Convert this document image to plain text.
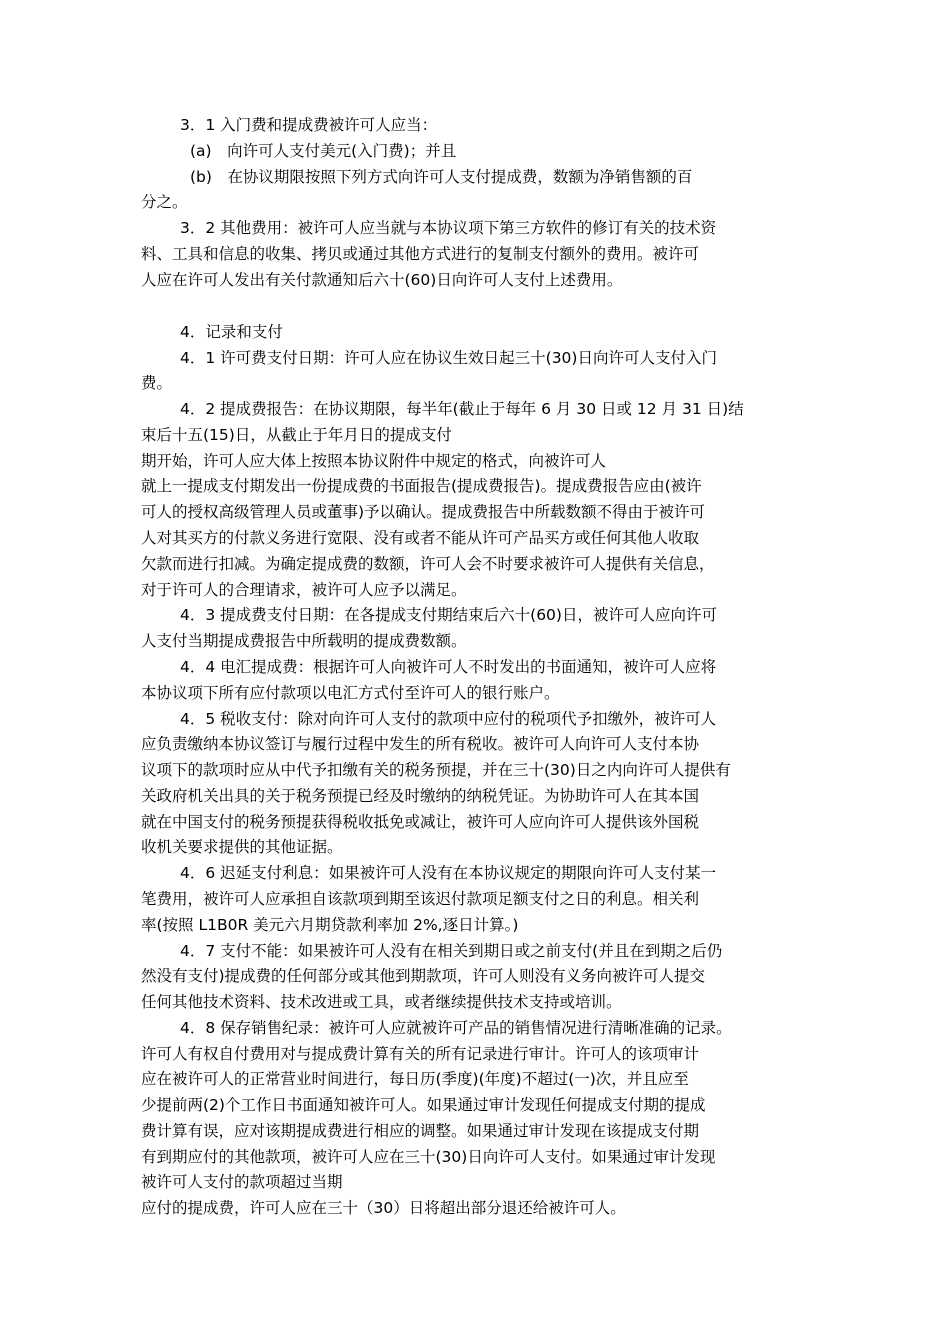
3．1 入门费和提成费被许可人应当：
(a)　向许可人支付美元(入门费)；并且
(b)　在协议期限按照下列方式向许可人支付提成费，数额为净销售额的百
分之。
3．2 其他费用：被许可人应当就与本协议项下第三方软件的修订有关的技术资
料、工具和信息的收集、拷贝或通过其他方式进行的复制支付额外的费用。被许可
人应在许可人发出有关付款通知后六十(60)日向许可人支付上述费用。
4．记录和支付
4．1 许可费支付日期：许可人应在协议生效日起三十(30)日向许可人支付入门
费。
4．2 提成费报告：在协议期限，每半年(截止于每年 6 月 30 日或 12 月 31 日)结
束后十五(15)日，从截止于年月日的提成支付
期开始，许可人应大体上按照本协议附件中规定的格式，向被许可人
就上一提成支付期发出一份提成费的书面报告(提成费报告)。提成费报告应由(被许
可人的授权高级管理人员或董事)予以确认。提成费报告中所载数额不得由于被许可
人对其买方的付款义务进行宽限、没有或者不能从许可产品买方或任何其他人收取
欠款而进行扣减。为确定提成费的数额，许可人会不时要求被许可人提供有关信息，
对于许可人的合理请求，被许可人应予以满足。
4．3 提成费支付日期：在各提成支付期结束后六十(60)日，被许可人应向许可
人支付当期提成费报告中所载明的提成费数额。
4．4 电汇提成费：根据许可人向被许可人不时发出的书面通知，被许可人应将
本协议项下所有应付款项以电汇方式付至许可人的银行账户。
4．5 税收支付：除对向许可人支付的款项中应付的税项代予扣缴外，被许可人
应负责缴纳本协议签订与履行过程中发生的所有税收。被许可人向许可人支付本协
议项下的款项时应从中代予扣缴有关的税务预提，并在三十(30)日之内向许可人提供有
关政府机关出具的关于税务预提已经及时缴纳的纳税凭证。为协助许可人在其本国
就在中国支付的税务预提获得税收抵免或减让，被许可人应向许可人提供该外国税
收机关要求提供的其他证据。
4．6 迟延支付利息：如果被许可人没有在本协议规定的期限向许可人支付某一
笔费用，被许可人应承担自该款项到期至该迟付款项足额支付之日的利息。相关利
率(按照 L1B0R 美元六月期贷款利率加 2%,逐日计算。)
4．7 支付不能：如果被许可人没有在相关到期日或之前支付(并且在到期之后仍
然没有支付)提成费的任何部分或其他到期款项，许可人则没有义务向被许可人提交
任何其他技术资料、技术改进或工具，或者继续提供技术支持或培训。
4．8 保存销售纪录：被许可人应就被许可产品的销售情况进行清晰准确的记录。
许可人有权自付费用对与提成费计算有关的所有记录进行审计。许可人的该项审计
应在被许可人的正常营业时间进行，每日历(季度)(年度)不超过(一)次，并且应至
少提前两(2)个工作日书面通知被许可人。如果通过审计发现任何提成支付期的提成
费计算有误，应对该期提成费进行相应的调整。如果通过审计发现在该提成支付期
有到期应付的其他款项，被许可人应在三十(30)日向许可人支付。如果通过审计发现
被许可人支付的款项超过当期
应付的提成费，许可人应在三十（30）日将超出部分退还给被许可人。
